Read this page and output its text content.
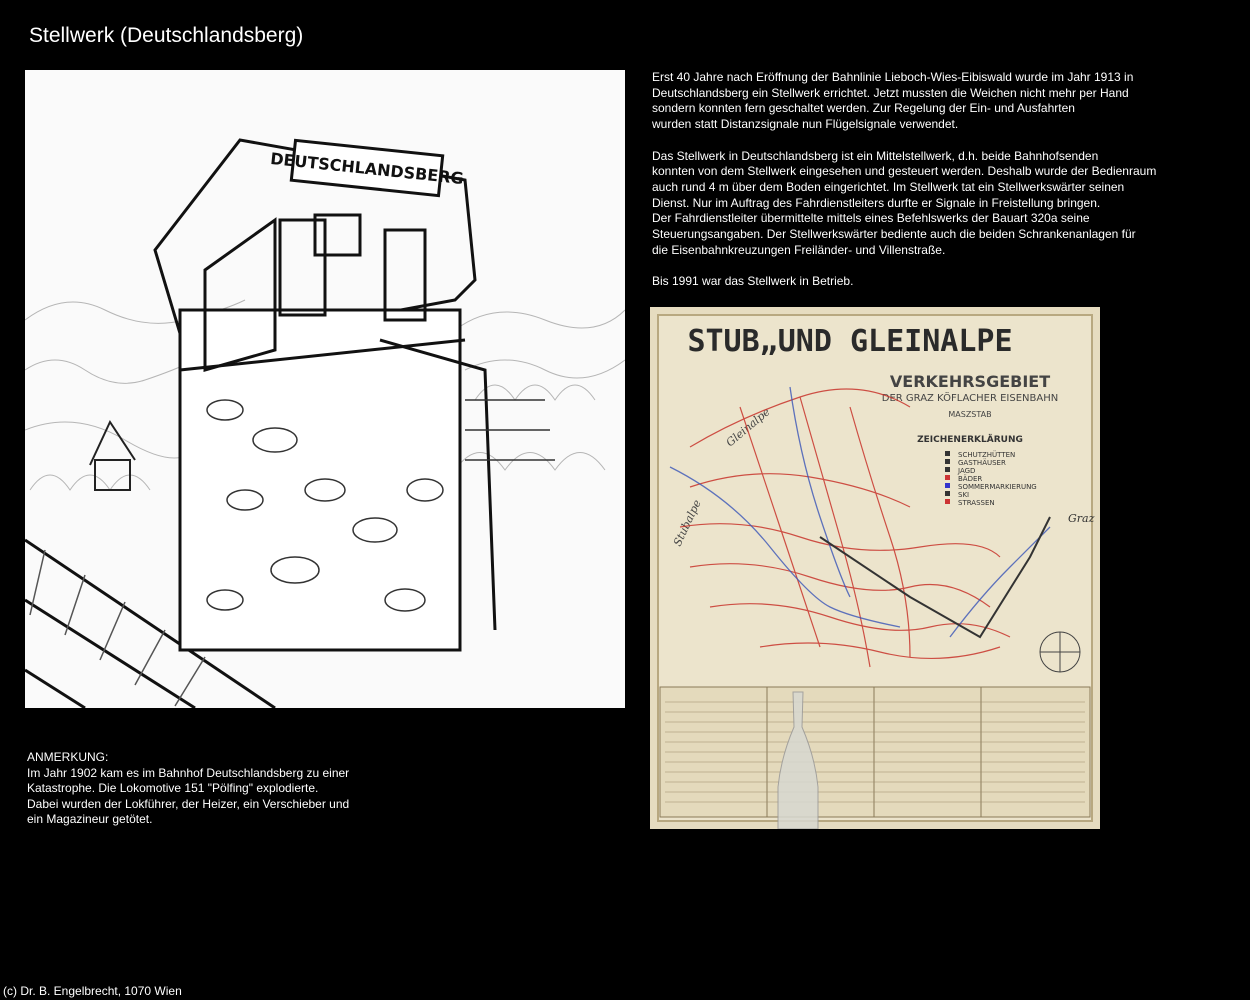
Stellwerk (Deutschlandsberg)
DEUTSCHLANDSBERG

Erst 40 Jahre nach Eröffnung der Bahnlinie Lieboch-Wies-Eibiswald wurde im Jahr 1913 in
Deutschlandsberg ein Stellwerk errichtet. Jetzt mussten die Weichen nicht mehr per Hand
sondern konnten fern geschaltet werden. Zur Regelung der Ein- und Ausfahrten
wurden statt Distanzsignale nun Flügelsignale verwendet.

Das Stellwerk in Deutschlandsberg ist ein Mittelstellwerk, d.h. beide Bahnhofsenden
konnten von dem Stellwerk eingesehen und gesteuert werden. Deshalb wurde der Bedienraum
auch rund 4 m über dem Boden eingerichtet. Im Stellwerk tat ein Stellwerkswärter seinen
Dienst. Nur im Auftrag des Fahrdienstleiters durfte er Signale in Freistellung bringen.
Der Fahrdienstleiter übermittelte mittels eines Befehlswerks der Bauart 320a seine
Steuerungsangaben. Der Stellwerkswärter bediente auch die beiden Schrankenanlagen für
die Eisenbahnkreuzungen Freiländer- und Villenstraße.

Bis 1991 war das Stellwerk in Betrieb.

STUB„UND GLEINALPE
VERKEHRSGEBIET
DER GRAZ KÖFLACHER EISENBAHN
MASZSTAB
ZEICHENERKLÄRUNG
SCHUTZHÜTTEN
GASTHÄUSER
JAGD
BÄDER
SOMMERMARKIERUNG
SKI
STRASSEN
Graz
Stubalpe
Gleinalpe
ANMERKUNG:
Im Jahr 1902 kam es im Bahnhof Deutschlandsberg zu einer
Katastrophe. Die Lokomotive 151 "Pölfing" explodierte.
Dabei wurden der Lokführer, der Heizer, ein Verschieber und
ein Magazineur getötet.
(c) Dr. B. Engelbrecht, 1070 Wien
